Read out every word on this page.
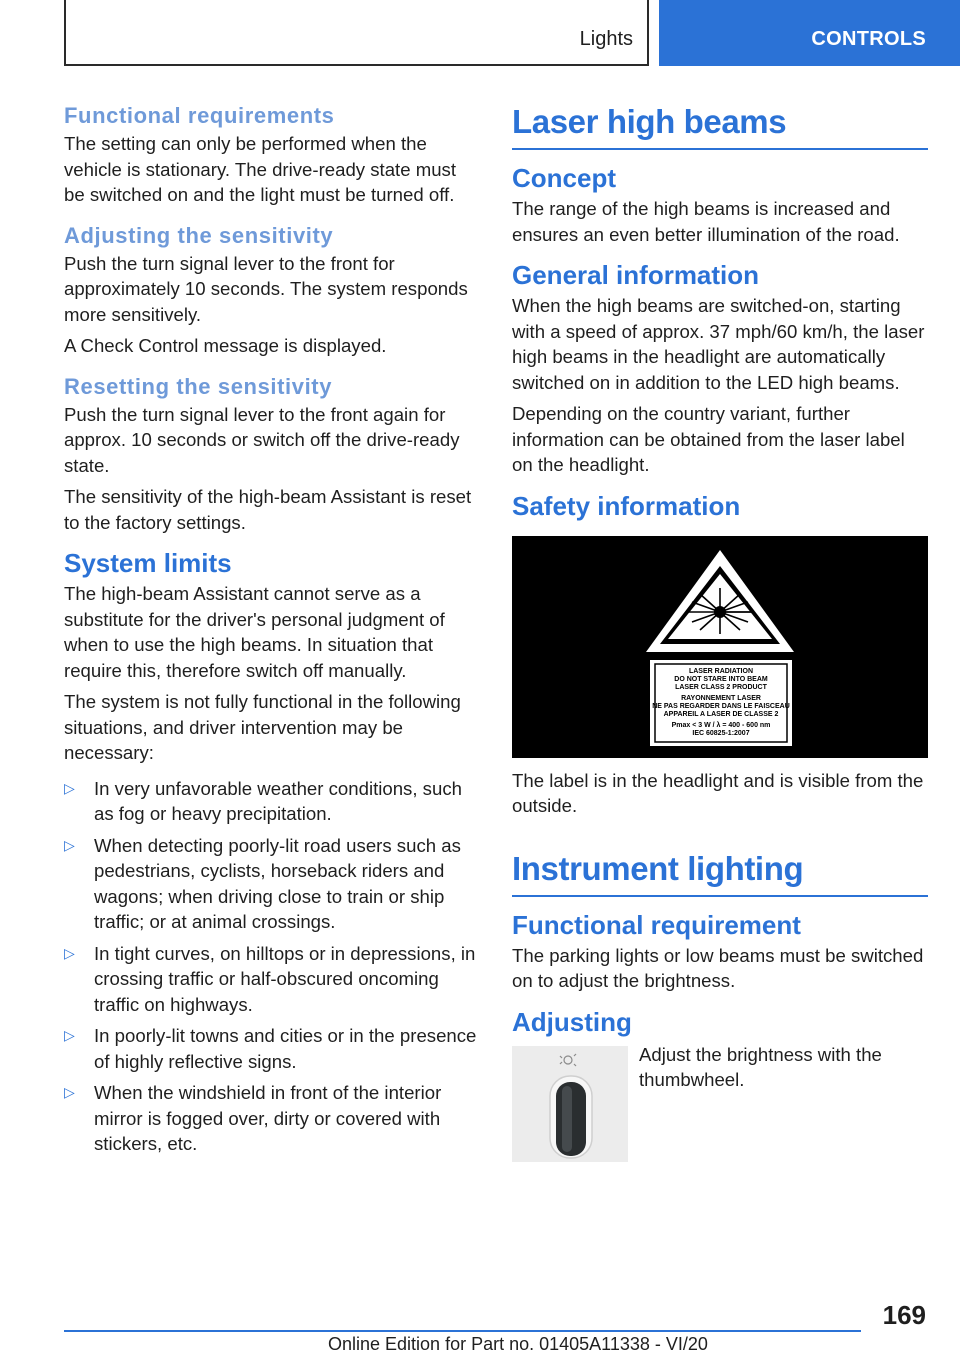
Lights	CONTROLS
Functional requirements

The setting can only be performed when the vehicle is stationary. The drive-ready state must be switched on and the light must be turned off.

Adjusting the sensitivity

Push the turn signal lever to the front for approximately 10 seconds. The system responds more sensitively.

A Check Control message is displayed.

Resetting the sensitivity

Push the turn signal lever to the front again for approx. 10 seconds or switch off the drive-ready state.

The sensitivity of the high-beam Assistant is reset to the factory settings.

System limits

The high-beam Assistant cannot serve as a substitute for the driver's personal judgment of when to use the high beams. In situation that require this, therefore switch off manually.

The system is not fully functional in the following situations, and driver intervention may be necessary:

▷ In very unfavorable weather conditions, such as fog or heavy precipitation.
▷ When detecting poorly-lit road users such as pedestrians, cyclists, horseback riders and wagons; when driving close to train or ship traffic; or at animal crossings.
▷ In tight curves, on hilltops or in depressions, in crossing traffic or half-obscured oncoming traffic on highways.
▷ In poorly-lit towns and cities or in the presence of highly reflective signs.
▷ When the windshield in front of the interior mirror is fogged over, dirty or covered with stickers, etc.
Laser high beams
Concept

The range of the high beams is increased and ensures an even better illumination of the road.

General information

When the high beams are switched-on, starting with a speed of approx. 37 mph/60 km/h, the laser high beams in the headlight are automatically switched on in addition to the LED high beams.

Depending on the country variant, further information can be obtained from the laser label on the headlight.

Safety information
LASER RADIATION
DO NOT STARE INTO BEAM
LASER CLASS 2 PRODUCT
RAYONNEMENT LASER
NE PAS REGARDER DANS LE FAISCEAU
APPAREIL A LASER DE CLASSE 2
Pmax < 3 W / λ = 400 - 600 nm
IEC 60825-1:2007

The label is in the headlight and is visible from the outside.

Instrument lighting
Functional requirement

The parking lights or low beams must be switched on to adjust the brightness.

Adjusting

Adjust the brightness with the thumbwheel.

169
Online Edition for Part no. 01405A11338 - VI/20
